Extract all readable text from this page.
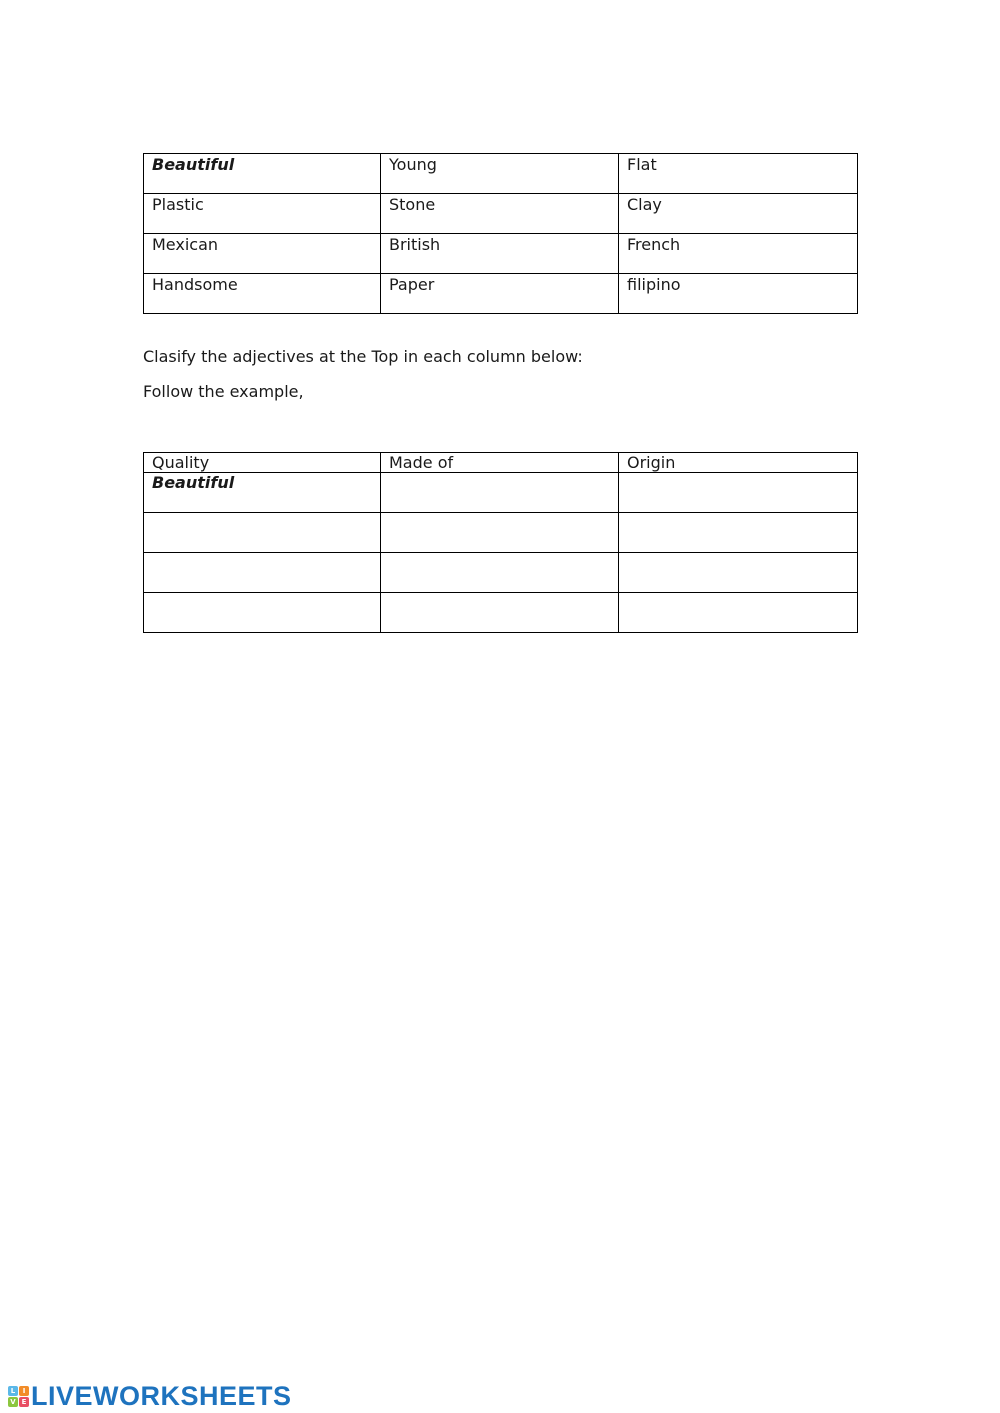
Beautiful	Young	Flat
Plastic	Stone	Clay
Mexican	British	French
Handsome	Paper	filipino

Clasify the adjectives at the Top in each column below:

Follow the example,

Quality	Made of	Origin
Beautiful		

L	I
V E LIVEWORKSHEETS
